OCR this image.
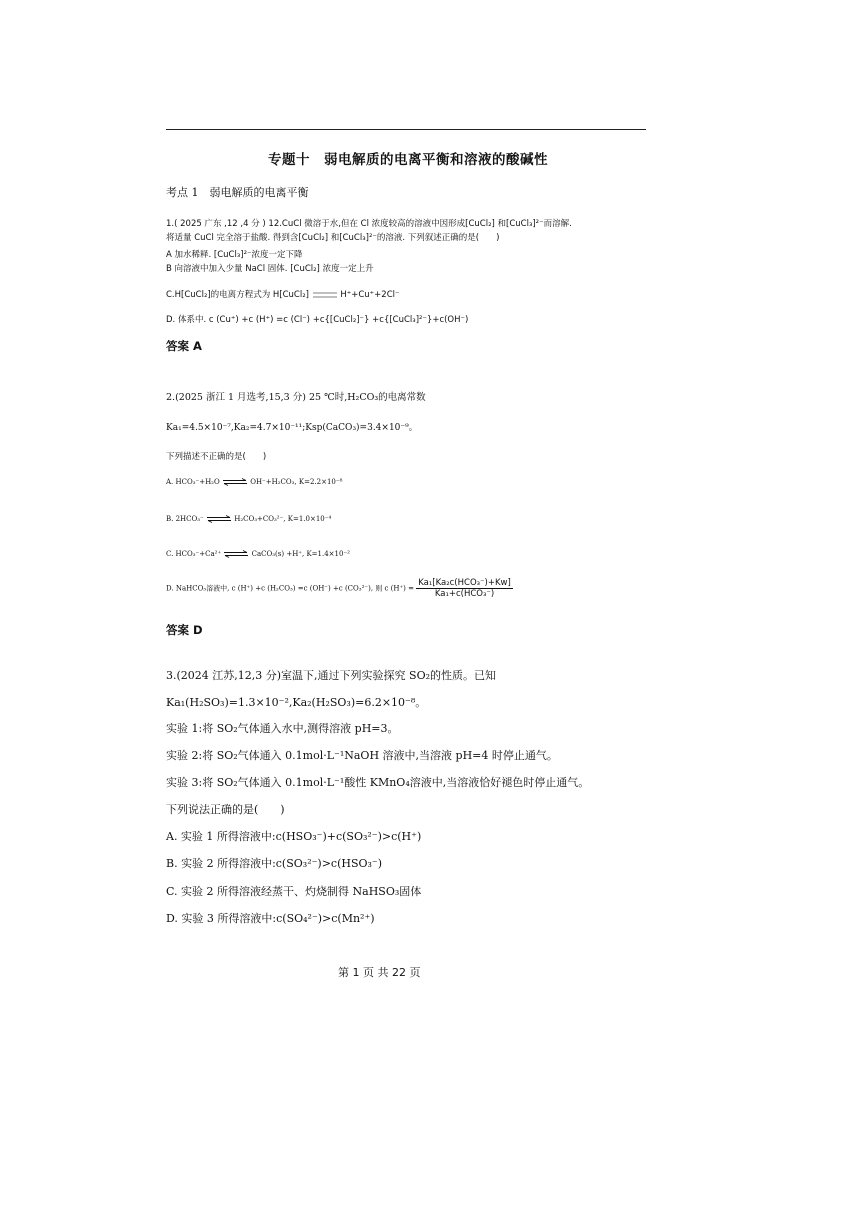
专题十　弱电解质的电离平衡和溶液的酸碱性
考点 1　弱电解质的电离平衡
1.( 2025 广东 ,12 ,4 分 ) 12.CuCl 微溶于水,但在 Cl 浓度较高的溶液中因形成[CuCl₂] 和[CuCl₃]²⁻而溶解.
将适量 CuCl 完全溶于盐酸. 得到含[CuCl₂] 和[CuCl₃]²⁻的溶液. 下列叙述正确的是(　　)
A 加水稀释. [CuCl₃]²⁻浓度一定下降
B 向溶液中加入少量 NaCl 固体. [CuCl₂] 浓度一定上升
C.H[CuCl₂]的电离方程式为 H[CuCl₂]	H⁺+Cu⁺+2Cl⁻
D. 体系中. c (Cu⁺) +c (H⁺) =c (Cl⁻) +c{[CuCl₂]⁻} +c{[CuCl₃]²⁻}+c(OH⁻)
答案 A
2.(2025 浙江 1 月选考,15,3 分) 25 ℃时,H₂CO₃的电离常数
Ka₁=4.5×10⁻⁷,Ka₂=4.7×10⁻¹¹;Ksp(CaCO₃)=3.4×10⁻⁹。
下列描述不正确的是(　　)
A. HCO₃⁻+H₂O ⇌ OH⁻+H₂CO₃, K=2.2×10⁻⁸
B. 2HCO₃⁻ ⇌ H₂CO₃+CO₃²⁻, K=1.0×10⁻⁴
C. HCO₃⁻+Ca²⁺ ⇌ CaCO₃(s) +H⁺, K=1.4×10⁻²
D. NaHCO₃溶液中, c (H⁺) +c (H₂CO₃) =c (OH⁻) +c (CO₃²⁻), 则 c $(H^+) = \frac{\text{Ka₁[Ka₂c(HCO₃⁻)+Kw]}}{\text{Ka₁+c(HCO₃⁻)}}$
答案 D
3.(2024 江苏,12,3 分)室温下,通过下列实验探究 SO₂的性质。已知
Ka₁(H₂SO₃)=1.3×10⁻²,Ka₂(H₂SO₃)=6.2×10⁻⁸。
实验 1:将 SO₂气体通入水中,测得溶液 pH=3。
实验 2:将 SO₂气体通入 0.1mol·L⁻¹NaOH 溶液中,当溶液 pH=4 时停止通气。
实验 3:将 SO₂气体通入 0.1mol·L⁻¹酸性 KMnO₄溶液中,当溶液恰好褪色时停止通气。
下列说法正确的是(　　)
A. 实验 1 所得溶液中:c(HSO₃⁻)+c(SO₃²⁻)>c(H⁺)
B. 实验 2 所得溶液中:c(SO₃²⁻)>c(HSO₃⁻)
C. 实验 2 所得溶液经蒸干、灼烧制得 NaHSO₃固体
D. 实验 3 所得溶液中:c(SO₄²⁻)>c(Mn²⁺)
第 1 页 共 22 页
